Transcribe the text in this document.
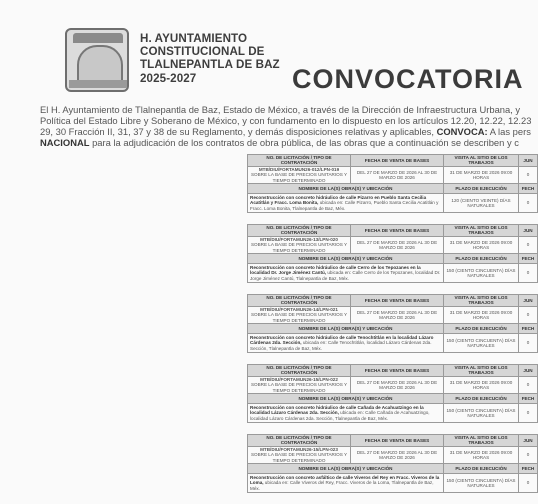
H. AYUNTAMIENTO
CONSTITUCIONAL DE
TLALNEPANTLA DE BAZ
2025-2027	CONVOCATORIA
El H. Ayuntamiento de Tlalnepantla de Baz, Estado de México, a través de la Dirección de Infraestructura Urbana, y
Política del Estado Libre y Soberano de México, y con fundamento en lo dispuesto en los artículos 12.20, 12.22, 12.23
29, 30 Fracción II, 31, 37 y 38 de su Reglamento, y demás disposiciones relativas y aplicables, CONVOCA: A las pers
NACIONAL para la adjudicación de los contratos de obra pública, de las obras que a continuación se describen y c
NO. DE LICITACIÓN / TIPO DE CONTRATACIÓN	FECHA DE VENTA DE BASES	VISITA AL SITIO DE LOS TRABAJOS	JUN
MTB/DIU/FORTAMUN26-012/LPN-019
SOBRE LA BASE DE PRECIOS UNITARIOS Y TIEMPO DETERMINADO	DEL 27 DE MARZO DE 2026 AL 30 DE MARZO DE 2026	31 DE MARZO DE 2026 09:00 HORAS	0
NOMBRE DE LA(S) OBRA(S) Y UBICACIÓN		PLAZO DE EJECUCIÓN	FECH
Reconstrucción con concreto hidráulico de calle Pizarro en Pueblo Santa Cecilia Acatitlán y Fracc. Loma Bonita, ubicada en: Calle Pizarro, Pueblo Santa Cecilia Acatitlán y Fracc. Loma Bonita, Tlalnepantla de Baz, Méx.		120 (CIENTO VEINTE) DÍAS NATURALES	0
NO. DE LICITACIÓN / TIPO DE CONTRATACIÓN	FECHA DE VENTA DE BASES	VISITA AL SITIO DE LOS TRABAJOS	JUN
MTB/DIU/FORTAMUN26-13/LPN-020
SOBRE LA BASE DE PRECIOS UNITARIOS Y TIEMPO DETERMINADO	DEL 27 DE MARZO DE 2026 AL 30 DE MARZO DE 2026	31 DE MARZO DE 2026 09:00 HORAS	0
NOMBRE DE LA(S) OBRA(S) Y UBICACIÓN		PLAZO DE EJECUCIÓN	FECH
Reconstrucción con concreto hidráulico de calle Cerro de los Tepozanes en la localidad Dr. Jorge Jiménez Cantú, ubicada en: Calle Cerro de los Tepozanes, localidad Dr. Jorge Jiménez Cantú, Tlalnepantla de Baz, Méx.		150 (CIENTO CINCUENTA) DÍAS NATURALES	0
NO. DE LICITACIÓN / TIPO DE CONTRATACIÓN	FECHA DE VENTA DE BASES	VISITA AL SITIO DE LOS TRABAJOS	JUN
MTB/DIU/FORTAMUN26-14/LPN-021
SOBRE LA BASE DE PRECIOS UNITARIOS Y TIEMPO DETERMINADO	DEL 27 DE MARZO DE 2026 AL 30 DE MARZO DE 2026	31 DE MARZO DE 2026 09:00 HORAS	0
NOMBRE DE LA(S) OBRA(S) Y UBICACIÓN		PLAZO DE EJECUCIÓN	FECH
Reconstrucción con concreto hidráulico de calle Tenochtitlán en la localidad Lázaro Cárdenas 2da. Sección, ubicada en: Calle Tenochtitlán, localidad Lázaro Cárdenas 2da. Sección, Tlalnepantla de Baz, Méx.		150 (CIENTO CINCUENTA) DÍAS NATURALES	0
NO. DE LICITACIÓN / TIPO DE CONTRATACIÓN	FECHA DE VENTA DE BASES	VISITA AL SITIO DE LOS TRABAJOS	JUN
MTB/DIU/FORTAMUN26-15/LPN-022
SOBRE LA BASE DE PRECIOS UNITARIOS Y TIEMPO DETERMINADO	DEL 27 DE MARZO DE 2026 AL 30 DE MARZO DE 2026	31 DE MARZO DE 2026 09:00 HORAS	0
NOMBRE DE LA(S) OBRA(S) Y UBICACIÓN		PLAZO DE EJECUCIÓN	FECH
Reconstrucción con concreto hidráulico de calle Cañada de Acahuatzingo en la localidad Lázaro Cárdenas 2da. Sección, ubicada en: Calle Cañada de Acahuatzingo, localidad Lázaro Cárdenas 2da. Sección, Tlalnepantla de Baz, Méx.		150 (CIENTO CINCUENTA) DÍAS NATURALES	0
NO. DE LICITACIÓN / TIPO DE CONTRATACIÓN	FECHA DE VENTA DE BASES	VISITA AL SITIO DE LOS TRABAJOS	JUN
MTB/DIU/FORTAMUN26-15/LPN-023
SOBRE LA BASE DE PRECIOS UNITARIOS Y TIEMPO DETERMINADO	DEL 27 DE MARZO DE 2026 AL 30 DE MARZO DE 2026	31 DE MARZO DE 2026 09:00 HORAS	0
NOMBRE DE LA(S) OBRA(S) Y UBICACIÓN		PLAZO DE EJECUCIÓN	FECH
Reconstrucción con concreto asfáltico de calle Viveros del Rey en Fracc. Viveros de la Loma, ubicada en: Calle Viveros del Rey, Fracc. Viveros de la Loma, Tlalnepantla de Baz, Méx.		150 (CIENTO CINCUENTA) DÍAS NATURALES	0
